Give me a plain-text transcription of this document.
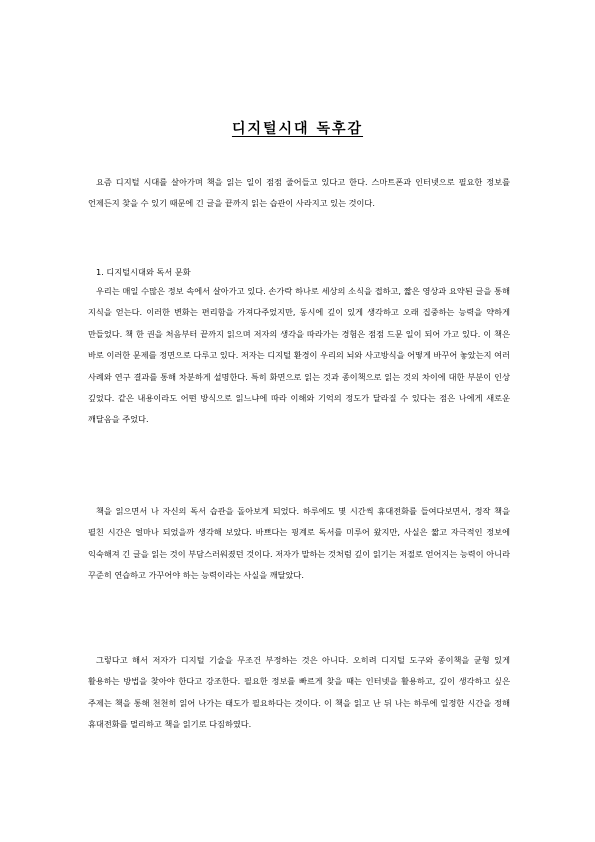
디지털시대 독후감

요즘 디지털 시대를 살아가며 책을 읽는 일이 점점 줄어들고 있다고 한다. 스마트폰과 인터넷으로 필요한 정보를 언제든지 찾을 수 있기 때문에 긴 글을 끝까지 읽는 습관이 사라지고 있는 것이다.

1. 디지털시대와 독서 문화

우리는 매일 수많은 정보 속에서 살아가고 있다. 손가락 하나로 세상의 소식을 접하고, 짧은 영상과 요약된 글을 통해 지식을 얻는다. 이러한 변화는 편리함을 가져다주었지만, 동시에 깊이 있게 생각하고 오래 집중하는 능력을 약하게 만들었다. 책 한 권을 처음부터 끝까지 읽으며 저자의 생각을 따라가는 경험은 점점 드문 일이 되어 가고 있다. 이 책은 바로 이러한 문제를 정면으로 다루고 있다. 저자는 디지털 환경이 우리의 뇌와 사고방식을 어떻게 바꾸어 놓았는지 여러 사례와 연구 결과를 통해 차분하게 설명한다. 특히 화면으로 읽는 것과 종이책으로 읽는 것의 차이에 대한 부분이 인상 깊었다. 같은 내용이라도 어떤 방식으로 읽느냐에 따라 이해와 기억의 정도가 달라질 수 있다는 점은 나에게 새로운 깨달음을 주었다.

책을 읽으면서 나 자신의 독서 습관을 돌아보게 되었다. 하루에도 몇 시간씩 휴대전화를 들여다보면서, 정작 책을 펼친 시간은 얼마나 되었을까 생각해 보았다. 바쁘다는 핑계로 독서를 미루어 왔지만, 사실은 짧고 자극적인 정보에 익숙해져 긴 글을 읽는 것이 부담스러워졌던 것이다. 저자가 말하는 것처럼 깊이 읽기는 저절로 얻어지는 능력이 아니라 꾸준히 연습하고 가꾸어야 하는 능력이라는 사실을 깨달았다.

그렇다고 해서 저자가 디지털 기술을 무조건 부정하는 것은 아니다. 오히려 디지털 도구와 종이책을 균형 있게 활용하는 방법을 찾아야 한다고 강조한다. 필요한 정보를 빠르게 찾을 때는 인터넷을 활용하고, 깊이 생각하고 싶은 주제는 책을 통해 천천히 읽어 나가는 태도가 필요하다는 것이다. 이 책을 읽고 난 뒤 나는 하루에 일정한 시간을 정해 휴대전화를 멀리하고 책을 읽기로 다짐하였다.
